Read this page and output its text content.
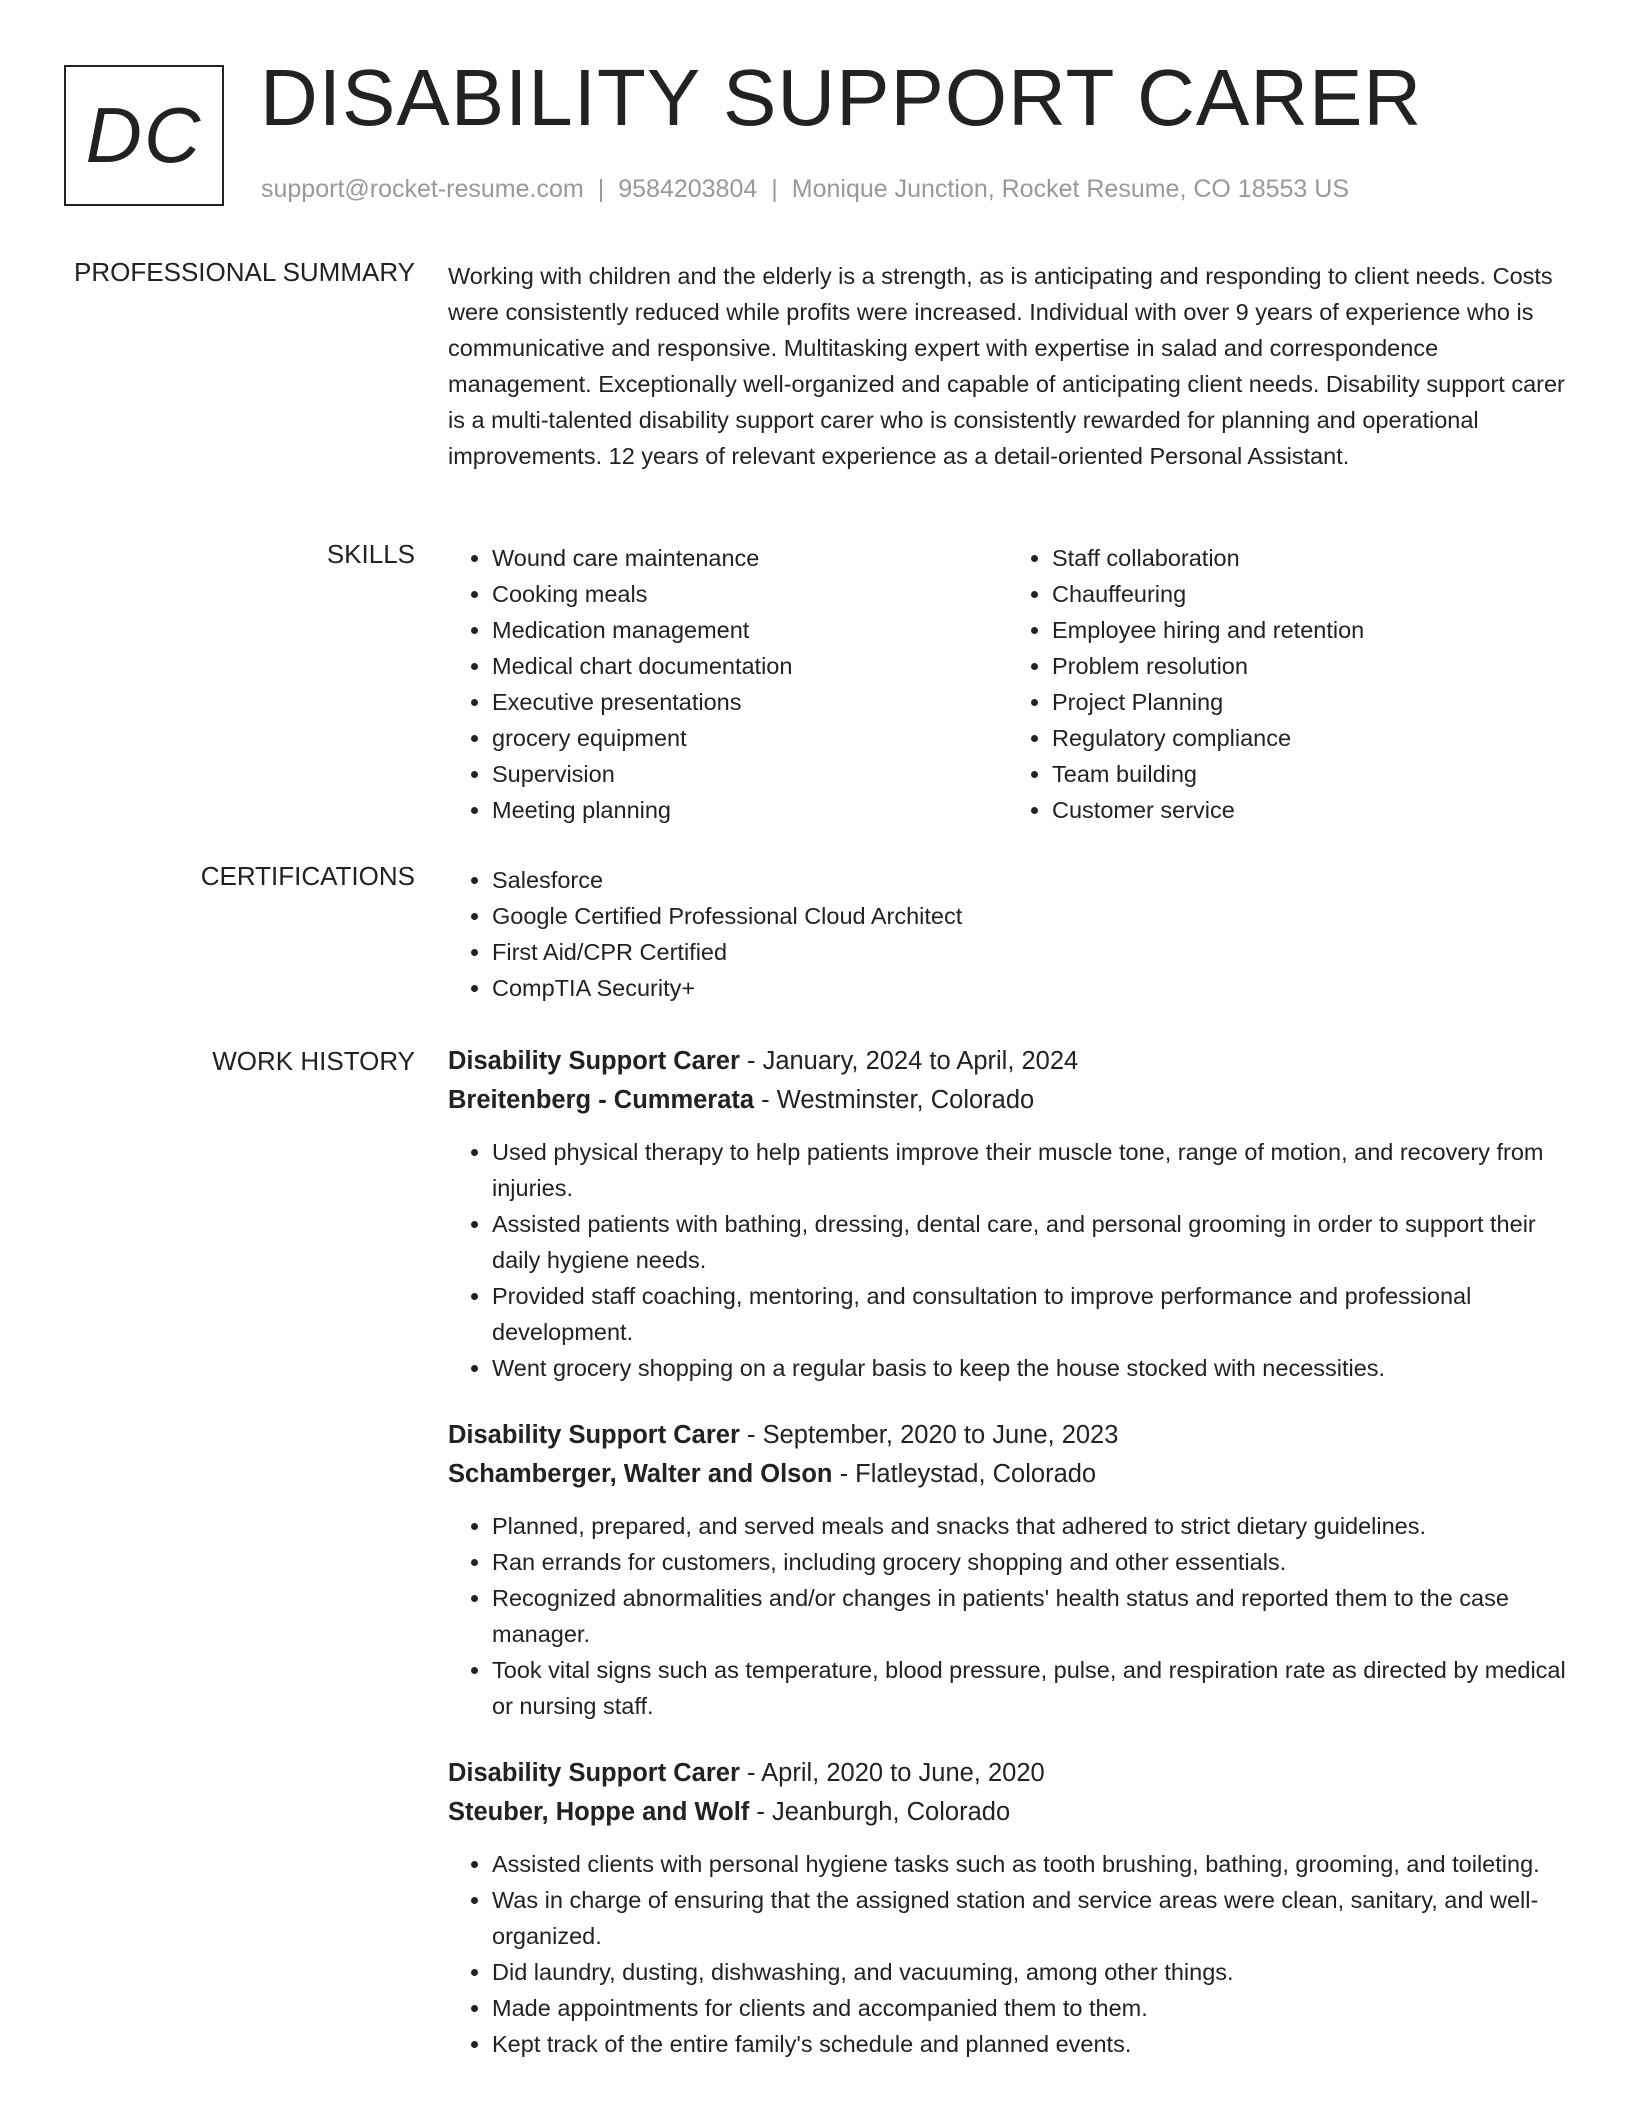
DC DISABILITY SUPPORT CARER
support@rocket-resume.com | 9584203804 | Monique Junction, Rocket Resume, CO 18553 US
PROFESSIONAL SUMMARY Working with children and the elderly is a strength, as is anticipating and responding to client needs. Costs were consistently reduced while profits were increased. Individual with over 9 years of experience who is communicative and responsive. Multitasking expert with expertise in salad and correspondence management. Exceptionally well-organized and capable of anticipating client needs. Disability support carer is a multi-talented disability support carer who is consistently rewarded for planning and operational improvements. 12 years of relevant experience as a detail-oriented Personal Assistant.
SKILLS	• Wound care maintenance
• Cooking meals
• Medication management
• Medical chart documentation
• Executive presentations
• grocery equipment
• Supervision
• Meeting planning
• Staff collaboration
• Chauffeuring
• Employee hiring and retention
• Problem resolution
• Project Planning
• Regulatory compliance
• Team building
• Customer service
CERTIFICATIONS	• Salesforce
• Google Certified Professional Cloud Architect
• First Aid/CPR Certified
• CompTIA Security+
WORK HISTORY Disability Support Carer - January, 2024 to April, 2024
Breitenberg - Cummerata - Westminster, Colorado
• Used physical therapy to help patients improve their muscle tone, range of motion, and recovery from injuries.
• Assisted patients with bathing, dressing, dental care, and personal grooming in order to support their daily hygiene needs.
• Provided staff coaching, mentoring, and consultation to improve performance and professional development.
• Went grocery shopping on a regular basis to keep the house stocked with necessities.
Disability Support Carer - September, 2020 to June, 2023
Schamberger, Walter and Olson - Flatleystad, Colorado
• Planned, prepared, and served meals and snacks that adhered to strict dietary guidelines.
• Ran errands for customers, including grocery shopping and other essentials.
• Recognized abnormalities and/or changes in patients' health status and reported them to the case manager.
• Took vital signs such as temperature, blood pressure, pulse, and respiration rate as directed by medical or nursing staff.
Disability Support Carer - April, 2020 to June, 2020
Steuber, Hoppe and Wolf - Jeanburgh, Colorado
• Assisted clients with personal hygiene tasks such as tooth brushing, bathing, grooming, and toileting.
• Was in charge of ensuring that the assigned station and service areas were clean, sanitary, and well-organized.
• Did laundry, dusting, dishwashing, and vacuuming, among other things.
• Made appointments for clients and accompanied them to them.
• Kept track of the entire family's schedule and planned events.
